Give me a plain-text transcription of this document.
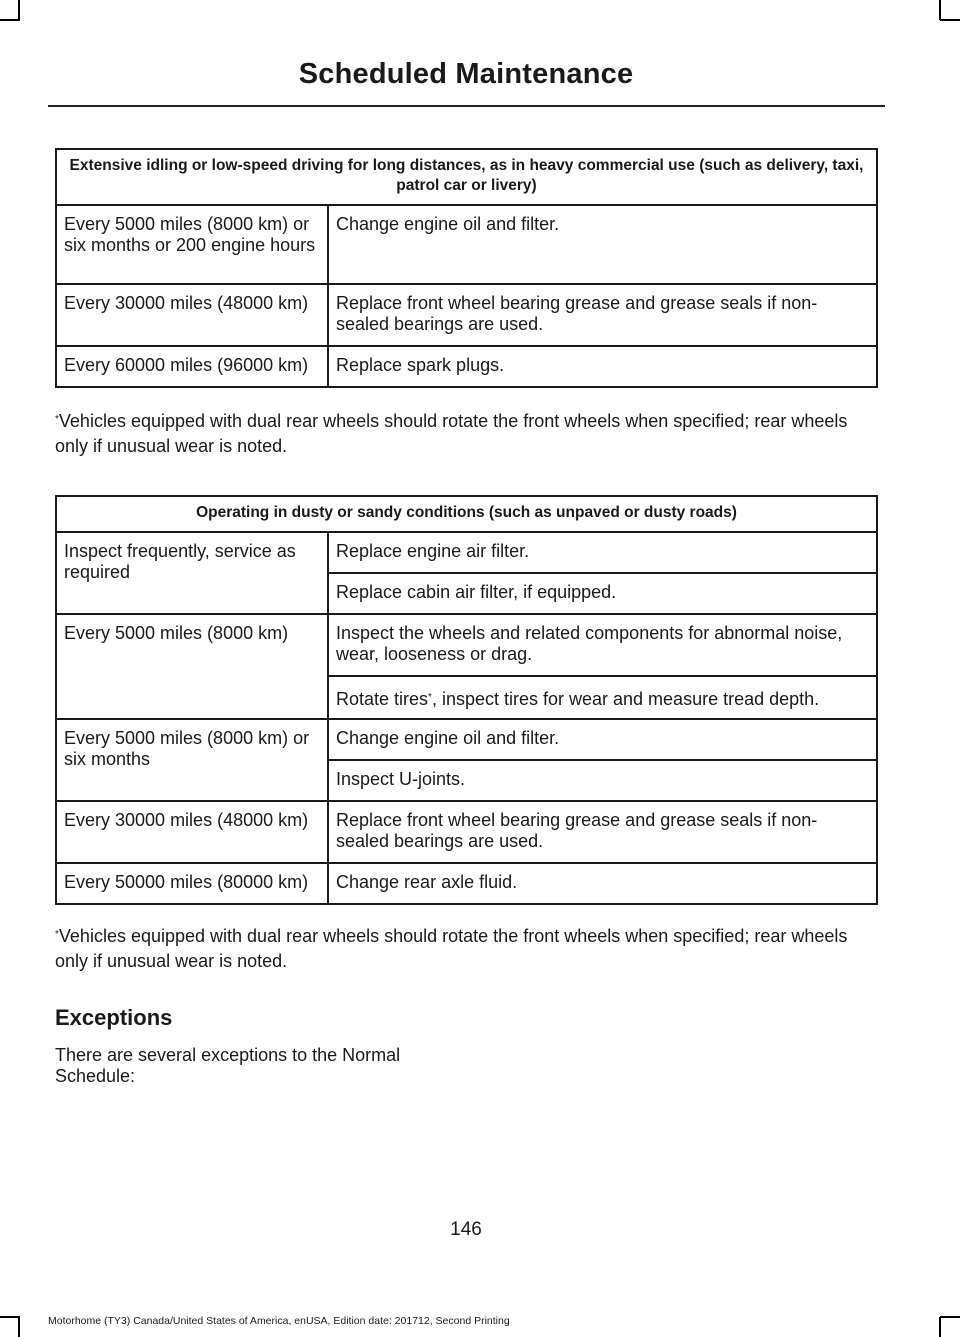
Scheduled Maintenance
Extensive idling or low-speed driving for long distances, as in heavy commercial use (such as delivery, taxi, patrol car or livery)	
Every 5000 miles (8000 km) or six months or 200 engine hours	Change engine oil and filter.
Every 30000 miles (48000 km)	Replace front wheel bearing grease and grease seals if non-sealed bearings are used.
Every 60000 miles (96000 km)	Replace spark plugs.
*Vehicles equipped with dual rear wheels should rotate the front wheels when specified; rear wheels only if unusual wear is noted.
Operating in dusty or sandy conditions (such as unpaved or dusty roads)	
Inspect frequently, service as required	Replace engine air filter.
	Replace cabin air filter, if equipped.
Every 5000 miles (8000 km)	Inspect the wheels and related components for abnormal noise, wear, looseness or drag.
	Rotate tires*, inspect tires for wear and measure tread depth.
Every 5000 miles (8000 km) or six months	Change engine oil and filter.
	Inspect U-joints.
Every 30000 miles (48000 km)	Replace front wheel bearing grease and grease seals if non-sealed bearings are used.
Every 50000 miles (80000 km)	Change rear axle fluid.
*Vehicles equipped with dual rear wheels should rotate the front wheels when specified; rear wheels only if unusual wear is noted.
Exceptions
There are several exceptions to the Normal Schedule:
146
Motorhome (TY3) Canada/United States of America, enUSA, Edition date: 201712, Second Printing
